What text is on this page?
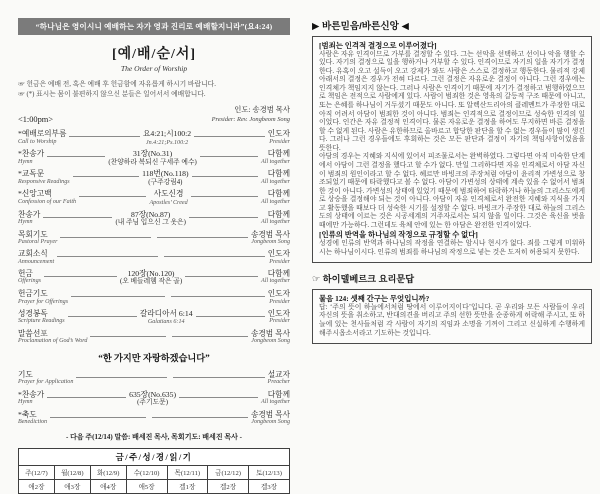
“하나님은 영이시니 예배하는 자가 영과 진리로 예배할지니라”(요4:24)
[예/배/순/서]
The Order of Worship
☞ 헌금은 예배 전, 혹은 예배 후 헌금함에 자유롭게 하시기 바랍니다.
☞ (*) 표시는 몸이 불편하지 않으신 분들은 일어서서 예배합니다.
<1:00pm>
인도: 송경범 목사
Presider: Rev. Jongbeom Song
*예배로의부름	요4:21;시100:2	인도자
Call to Worship	Jn.4:21;Ps.100:2	Presider
*찬송가	31장(No.31)	다함께
Hymn	(찬양하라 복되신 구세주 예수)	All together
*교독문	118번(No.118)	다함께
Responsive Readings	(구주강림4)	All together
*신앙고백	사도신경	다함께
Confession of our Faith	Apostles’ Creed	All together
찬송가	87장(No.87)	다함께
Hymn	(내 주님 입으신 그 옷은)	All together
목회기도	송경범 목사
Pastoral Prayer	Jongbeom Song
교회소식	인도자
Announcement	Presider
헌금	120장(No.120)	다함께
Offerings	(오 베들레헴 작은 골)	All together
헌금기도	인도자
Prayer for Offerings	Presider
성경봉독	갈라디아서 6:14	인도자
Scripture Readings	Galatians 6:14	Presider
말씀선포	송경범 목사
Proclamation of God’s Word	Jongbeom Song
“한 가지만 자랑하겠습니다”
기도	설교자
Prayer for Application	Preacher
*찬송가	635장(No.635)	다함께
Hymn	(주기도문)	All together
*축도	송경범 목사
Benediction	Jongbeom Song
- 다음 주(12/14) 말씀: 배세진 목사, 목회기도: 배세진 목사 -
금/주/성/경/읽/기						
주(12/7)	월(12/8)	화(12/9)	수(12/10)	목(12/11)	금(12/12)	토(12/13)
애2장	애3장	애4장	애5장	겔1장	겔2장	겔3장
▶ 바른믿음/바른신앙 ◀
[범죄는 인격적 결정으로 이루어졌다]

사람은 자유 인격이므로 가부를 결정할 수 있다. 그는 선악을 선택하고 선이나 악을 행할 수 있다. 자기의 결정으로 일을 행하거나 거부할 수 있다. 인격이므로 자기의 일을 자기가 결정한다. 유혹이 오고 설득이 오고 강제가 와도 사람은 스스로 결정하고 행동한다. 물리적 강제 아래서의 결정은 경우가 전혀 다르다. 그런 결정은 자유로운 결정이 아니다. 그런 경우에는 인격체가 책임지지 않는다. 그러나 사람은 인격이기 때문에 자기가 결정하고 범행하였으므로 책임은 전적으로 사람에게 있다. 사람이 범죄한 것은 영육의 갈등적 구조 때문에 아니고, 또는 은혜를 하나님이 거두셨기 때문도 아니다. 또 알렉산드리아의 클레멘트가 주장한 대로 아직 어려서 아담이 범죄한 것이 아니다. 범죄는 인격적으로 결정이므로 성숙한 인격의 일이었다. 인간은 자유 결정적 인격이다. 물론 자유로운 결정을 하여도 무지하면 바른 결정을 할 수 없게 된다. 사람은 유한하므로 올바르고 합당한 판단을 할 수 없는 경우들이 많이 생긴다. 그러나 그런 경우들에도 후회하는 것은 모든 판단과 결정이 자기의 책임사항이었음을 뜻한다.

아담의 경우는 지혜와 지식에 있어서 피조물로서는 완벽하였다. 그렇다면 아직 미숙한 단계에서 아담이 그런 결정을 했다고 할 수가 없다. 만일 그리하다면 자유 인격체로서 아담 자신이 범죄의 원인이라고 할 수 없다. 헤르만 바빙크의 주장처럼 아담이 윤리적 가변성으로 창조되었기 때문에 타락했다고 볼 수 없다. 아담이 가변성의 상태에 계속 있을 수 없어서 범죄한 것이 아니다. 가변성의 상태에 있었기 때문에 범죄하여 타락하거나 하늘의 그리스도에게로 상승을 결정해야 되는 것이 아니다. 아담이 자유 인격체로서 완전한 지혜와 지식을 가지고 활동했을 때보다 더 성숙한 시기를 설정할 수 없다. 바빙크가 주장한 대로 하늘의 그리스도의 상태에 이르는 것은 시공세계의 거주자로서는 되지 않을 일이다. 그것은 육신을 벗을 때에만 가능하다. 그런데도 육체 안에 있는 한 아담은 완전한 인격이었다.

[인류의 반역을 하나님의 작정으로 규정할 수 없다]

성경에 인류의 반역과 하나님의 작정을 연결하는 암시나 현시가 없다. 죄를 그렇게 미워하시는 하나님이시다. 인류의 범죄를 하나님의 작정으로 넣는 것은 도저히 허용되지 못한다.

☞ 하이델베르크 요리문답
물음 124: 셋째 간구는 무엇입니까?

답: ‘주의 뜻이 하늘에서처럼 땅에서 이루어지이다’입니다. 곧 우리와 모든 사람들이 우리 자신의 뜻을 취소하고, 반대의견을 버리고 주의 선한 뜻만을 순종하게 허락해 주시고, 또 하늘에 있는 천사들처럼 각 사람이 자기의 직임과 소명을 기꺼이 그리고 신실하게 수행하게 해주시옵소서라고 기도하는 것입니다.
